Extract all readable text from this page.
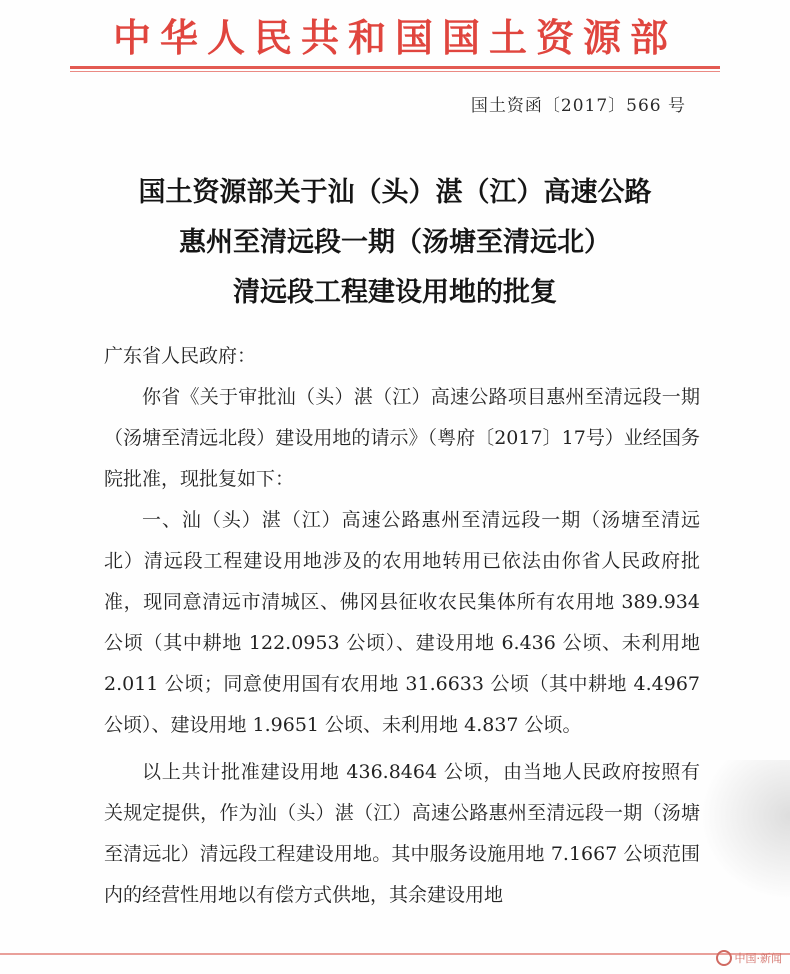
中华人民共和国国土资源部
国土资函〔2017〕566 号
国土资源部关于汕（头）湛（江）高速公路
惠州至清远段一期（汤塘至清远北）
清远段工程建设用地的批复

广东省人民政府：

你省《关于审批汕（头）湛（江）高速公路项目惠州至清远段一期（汤塘至清远北段）建设用地的请示》（粤府〔2017〕17号）业经国务院批准，现批复如下：

一、汕（头）湛（江）高速公路惠州至清远段一期（汤塘至清远北）清远段工程建设用地涉及的农用地转用已依法由你省人民政府批准，现同意清远市清城区、佛冈县征收农民集体所有农用地 389.934 公顷（其中耕地 122.0953 公顷）、建设用地 6.436 公顷、未利用地 2.011 公顷；同意使用国有农用地 31.6633 公顷（其中耕地 4.4967 公顷）、建设用地 1.9651 公顷、未利用地 4.837 公顷。

以上共计批准建设用地 436.8464 公顷，由当地人民政府按照有关规定提供，作为汕（头）湛（江）高速公路惠州至清远段一期（汤塘至清远北）清远段工程建设用地。其中服务设施用地 7.1667 公顷范围内的经营性用地以有偿方式供地，其余建设用地

中国·新闻
